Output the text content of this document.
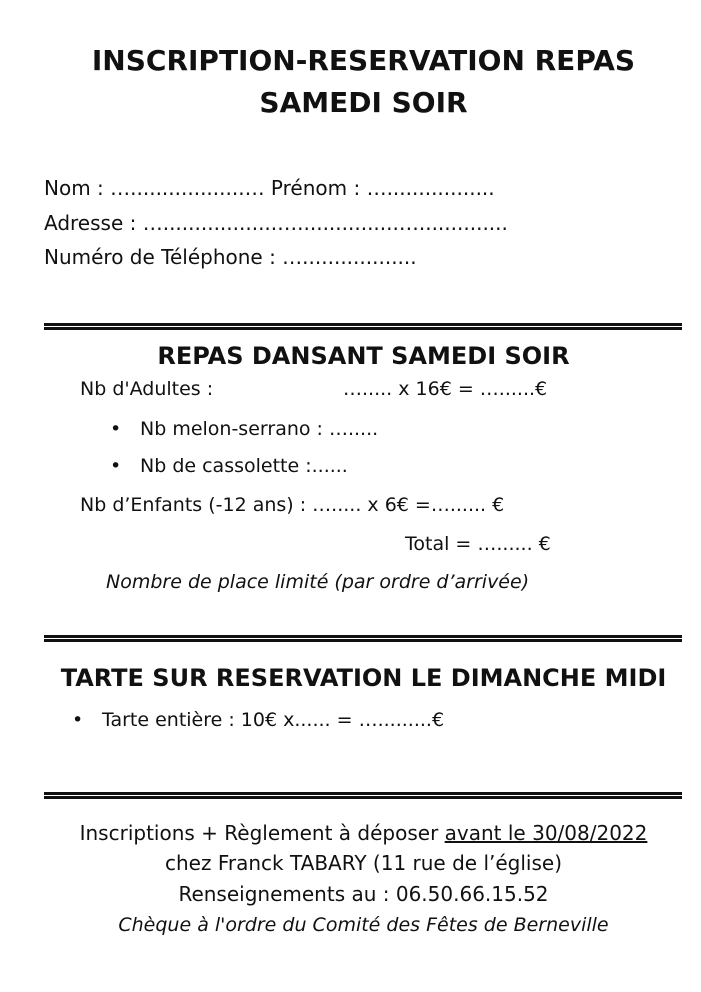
INSCRIPTION-RESERVATION REPAS
SAMEDI SOIR
Nom : …..................… Prénom : ….................
Adresse : …..................…................…..............
Numéro de Téléphone : …..................
REPAS DANSANT SAMEDI SOIR
Nb d'Adultes :	…..... x 16€ = …......€
• Nb melon-serrano : ….....
• Nb de cassolette :......
Nb d’Enfants (-12 ans) : …..... x 6€ =…...... €
Total = …...... €
Nombre de place limité (par ordre d’arrivée)
TARTE SUR RESERVATION LE DIMANCHE MIDI
• Tarte entière : 10€ x...... = ….........€
Inscriptions + Règlement à déposer avant le 30/08/2022
chez Franck TABARY (11 rue de l’église)
Renseignements au : 06.50.66.15.52
Chèque à l'ordre du Comité des Fêtes de Berneville
